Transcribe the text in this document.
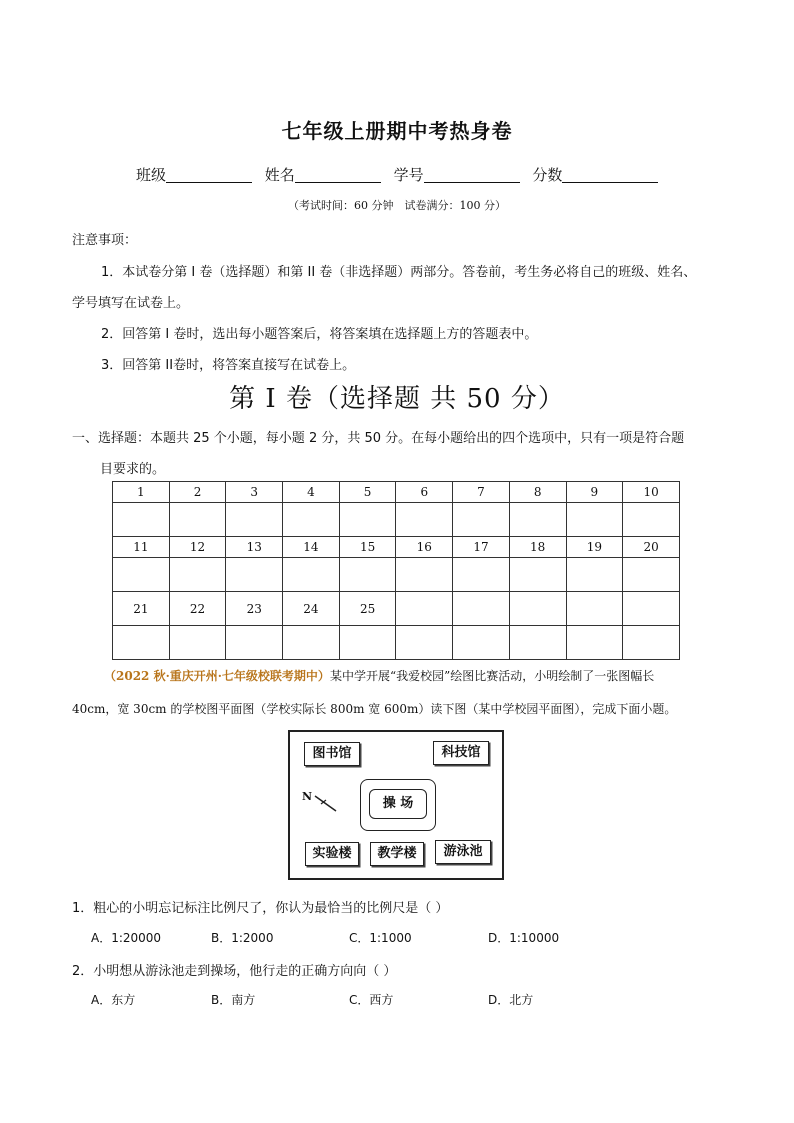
七年级上册期中考热身卷
班级	姓名	学号	分数
（考试时间：60 分钟　试卷满分：100 分）
注意事项：
1．本试卷分第 I 卷（选择题）和第 II 卷（非选择题）两部分。答卷前，考生务必将自己的班级、姓名、
学号填写在试卷上。
2．回答第 I 卷时，选出每小题答案后，将答案填在选择题上方的答题表中。
3．回答第 II卷时，将答案直接写在试卷上。
第 I 卷（选择题 共 50 分）
一、选择题：本题共 25 个小题，每小题 2 分，共 50 分。在每小题给出的四个选项中，只有一项是符合题
目要求的。
1	2	3	4	5	6	7	8	9	10

11	12	13	14	15	16	17	18	19	20

21	22	23	24	25					

（2022 秋·重庆开州·七年级校联考期中）某中学开展“我爱校园”绘图比赛活动，小明绘制了一张图幅长
40cm，宽 30cm 的学校图平面图（学校实际长 800m 宽 600m）读下图（某中学校园平面图），完成下面小题。
图书馆	科技馆
操 场
N
实验楼	教学楼	游泳池
1．粗心的小明忘记标注比例尺了，你认为最恰当的比例尺是（ ）
A．1:20000	B．1:2000	C．1:1000	D．1:10000
2．小明想从游泳池走到操场，他行走的正确方向向（ ）
A．东方	B．南方	C．西方	D．北方
